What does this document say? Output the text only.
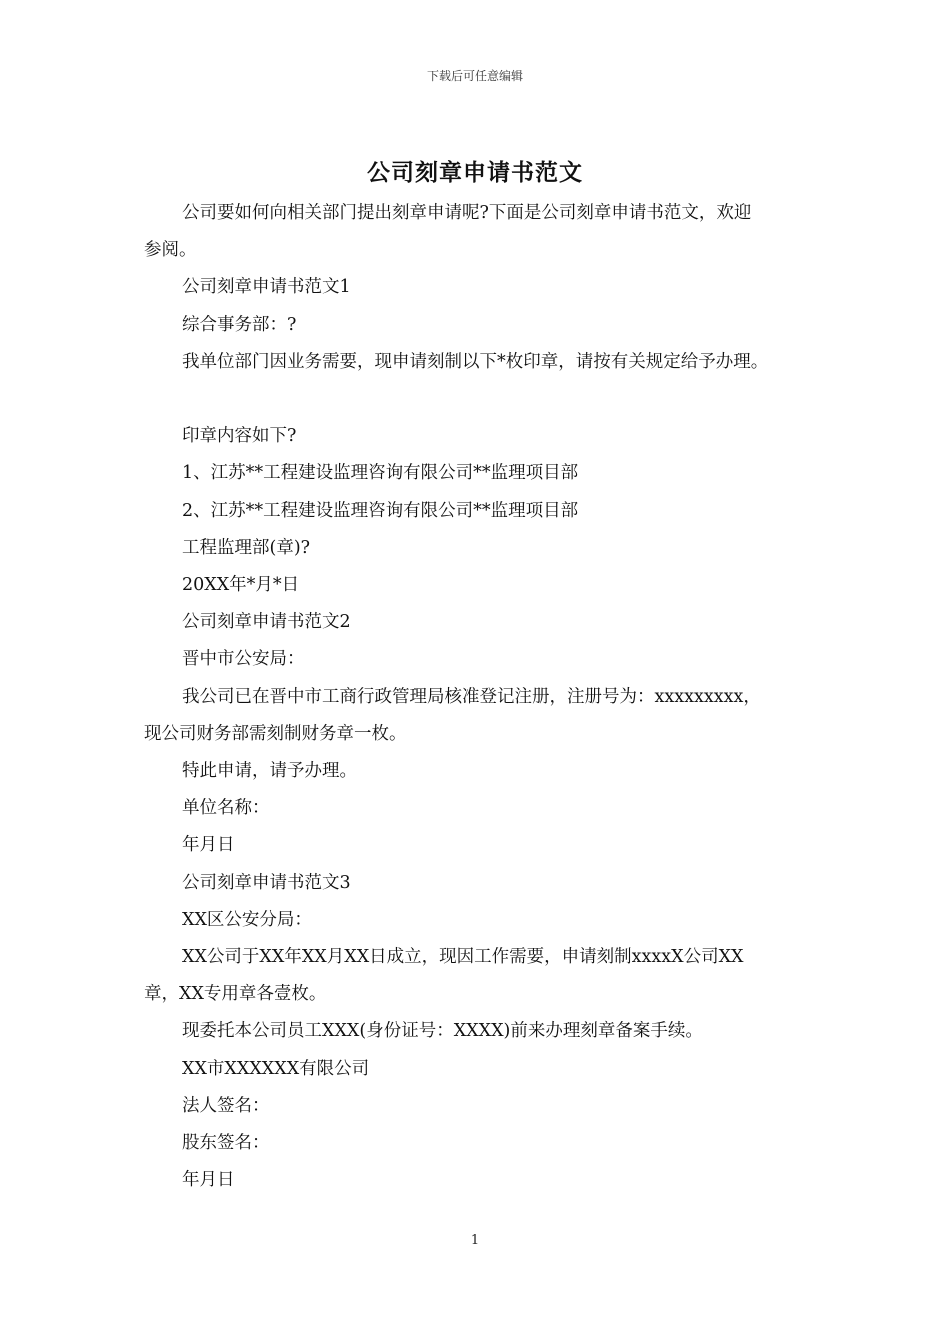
下载后可任意编辑
公司刻章申请书范文

公司要如何向相关部门提出刻章申请呢?下面是公司刻章申请书范文，欢迎

参阅。

公司刻章申请书范文1

综合事务部：?

我单位部门因业务需要，现申请刻制以下*枚印章，请按有关规定给予办理。

印章内容如下?

1、江苏**工程建设监理咨询有限公司**监理项目部

2、江苏**工程建设监理咨询有限公司**监理项目部

工程监理部(章)?

20XX年*月*日

公司刻章申请书范文2

晋中市公安局：

我公司已在晋中市工商行政管理局核准登记注册，注册号为：xxxxxxxxx，

现公司财务部需刻制财务章一枚。

特此申请，请予办理。

单位名称：

年月日

公司刻章申请书范文3

XX区公安分局：

XX公司于XX年XX月XX日成立，现因工作需要，申请刻制xxxxX公司XX

章，XX专用章各壹枚。

现委托本公司员工XXX(身份证号：XXXX)前来办理刻章备案手续。

XX市XXXXXX有限公司

法人签名：

股东签名：

年月日

1
